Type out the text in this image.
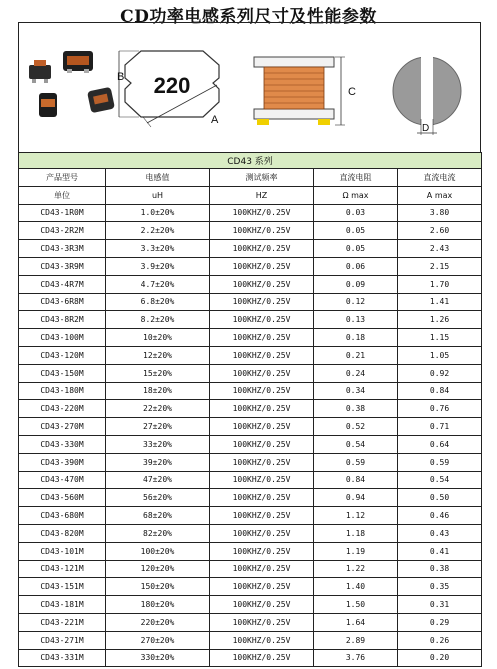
CD功率电感系列尺寸及性能参数
220
B
A
C
D
CD43 系列				
产品型号	电感值	测试频率	直流电阻	直流电流
单位	uH	HZ	Ω max	A max
CD43-1R0M	1.0±20%	100KHZ/0.25V	0.03	3.80
CD43-2R2M	2.2±20%	100KHZ/0.25V	0.05	2.60
CD43-3R3M	3.3±20%	100KHZ/0.25V	0.05	2.43
CD43-3R9M	3.9±20%	100KHZ/0.25V	0.06	2.15
CD43-4R7M	4.7±20%	100KHZ/0.25V	0.09	1.70
CD43-6R8M	6.8±20%	100KHZ/0.25V	0.12	1.41
CD43-8R2M	8.2±20%	100KHZ/0.25V	0.13	1.26
CD43-100M	10±20%	100KHZ/0.25V	0.18	1.15
CD43-120M	12±20%	100KHZ/0.25V	0.21	1.05
CD43-150M	15±20%	100KHZ/0.25V	0.24	0.92
CD43-180M	18±20%	100KHZ/0.25V	0.34	0.84
CD43-220M	22±20%	100KHZ/0.25V	0.38	0.76
CD43-270M	27±20%	100KHZ/0.25V	0.52	0.71
CD43-330M	33±20%	100KHZ/0.25V	0.54	0.64
CD43-390M	39±20%	100KHZ/0.25V	0.59	0.59
CD43-470M	47±20%	100KHZ/0.25V	0.84	0.54
CD43-560M	56±20%	100KHZ/0.25V	0.94	0.50
CD43-680M	68±20%	100KHZ/0.25V	1.12	0.46
CD43-820M	82±20%	100KHZ/0.25V	1.18	0.43
CD43-101M	100±20%	100KHZ/0.25V	1.19	0.41
CD43-121M	120±20%	100KHZ/0.25V	1.22	0.38
CD43-151M	150±20%	100KHZ/0.25V	1.40	0.35
CD43-181M	180±20%	100KHZ/0.25V	1.50	0.31
CD43-221M	220±20%	100KHZ/0.25V	1.64	0.29
CD43-271M	270±20%	100KHZ/0.25V	2.89	0.26
CD43-331M	330±20%	100KHZ/0.25V	3.76	0.20
